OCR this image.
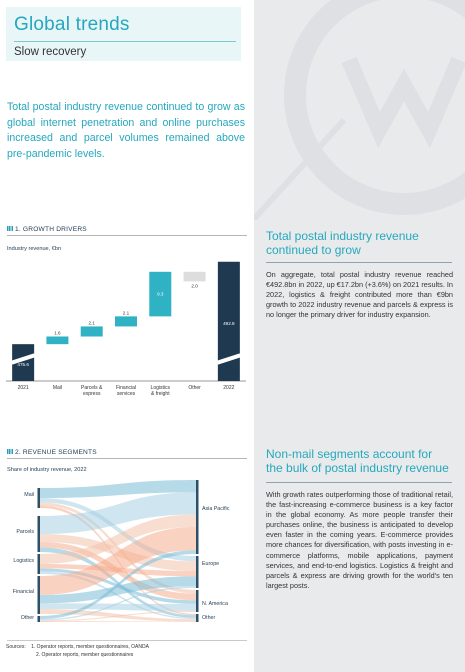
Global trends
Slow recovery
Total postal industry revenue continued to grow as global internet penetration and online purchases increased and parcel volumes remained above pre-pandemic levels.
1. GROWTH DRIVERS
Industry revenue, €bn
475.6
2021
1.6
Mail
2.1
Parcels &
express
2.1
Financial
services
9.3
Logistics
& freight
2.0
Other
492.8
2022
2. REVENUE SEGMENTS
Share of industry revenue, 2022
Mail
Parcels
Logistics
Financial
Other
Asia Pacific
Europe
N. America
Other
Sources: 1. Operator reports, member questionnaires, OANDA
2. Operator reports, member questionnaires
Total postal industry revenue continued to grow
On aggregate, total postal industry revenue reached €492.8bn in 2022, up €17.2bn (+3.6%) on 2021 results. In 2022, logistics & freight contributed more than €9bn growth to 2022 industry revenue and parcels & express is no longer the primary driver for industry expansion.
Non-mail segments account for the bulk of postal industry revenue
With growth rates outperforming those of traditional retail, the fast-increasing e-commerce business is a key factor in the global economy. As more people transfer their purchases online, the business is anticipated to develop even faster in the coming years. E-commerce provides more chances for diversification, with posts investing in e-commerce platforms, mobile applications, payment services, and end-to-end logistics. Logistics & freight and parcels & express are driving growth for the world's ten largest posts.
